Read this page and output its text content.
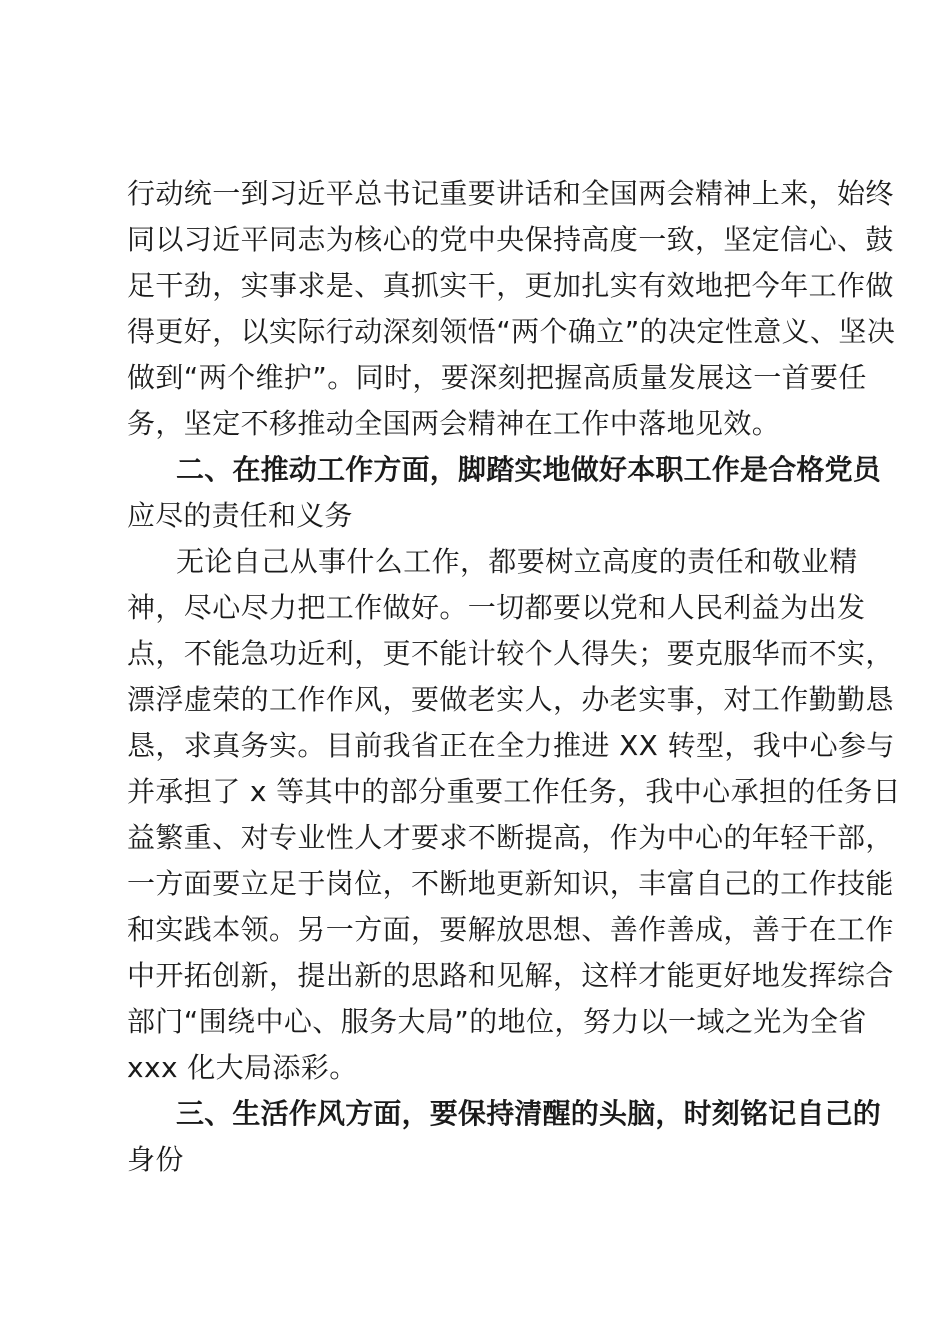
行动统一到习近平总书记重要讲话和全国两会精神上来，始终
同以习近平同志为核心的党中央保持高度一致，坚定信心、鼓
足干劲，实事求是、真抓实干，更加扎实有效地把今年工作做
得更好，以实际行动深刻领悟“两个确立”的决定性意义、坚决
做到“两个维护”。同时，要深刻把握高质量发展这一首要任
务，坚定不移推动全国两会精神在工作中落地见效。
二、在推动工作方面，脚踏实地做好本职工作是合格党员
应尽的责任和义务
无论自己从事什么工作，都要树立高度的责任和敬业精
神，尽心尽力把工作做好。一切都要以党和人民利益为出发
点，不能急功近利，更不能计较个人得失；要克服华而不实，
漂浮虚荣的工作作风，要做老实人，办老实事，对工作勤勤恳
恳，求真务实。目前我省正在全力推进 XX 转型，我中心参与
并承担了 x 等其中的部分重要工作任务，我中心承担的任务日
益繁重、对专业性人才要求不断提高，作为中心的年轻干部，
一方面要立足于岗位，不断地更新知识，丰富自己的工作技能
和实践本领。另一方面，要解放思想、善作善成，善于在工作
中开拓创新，提出新的思路和见解，这样才能更好地发挥综合
部门“围绕中心、服务大局”的地位，努力以一域之光为全省
xxx 化大局添彩。
三、生活作风方面，要保持清醒的头脑，时刻铭记自己的
身份
